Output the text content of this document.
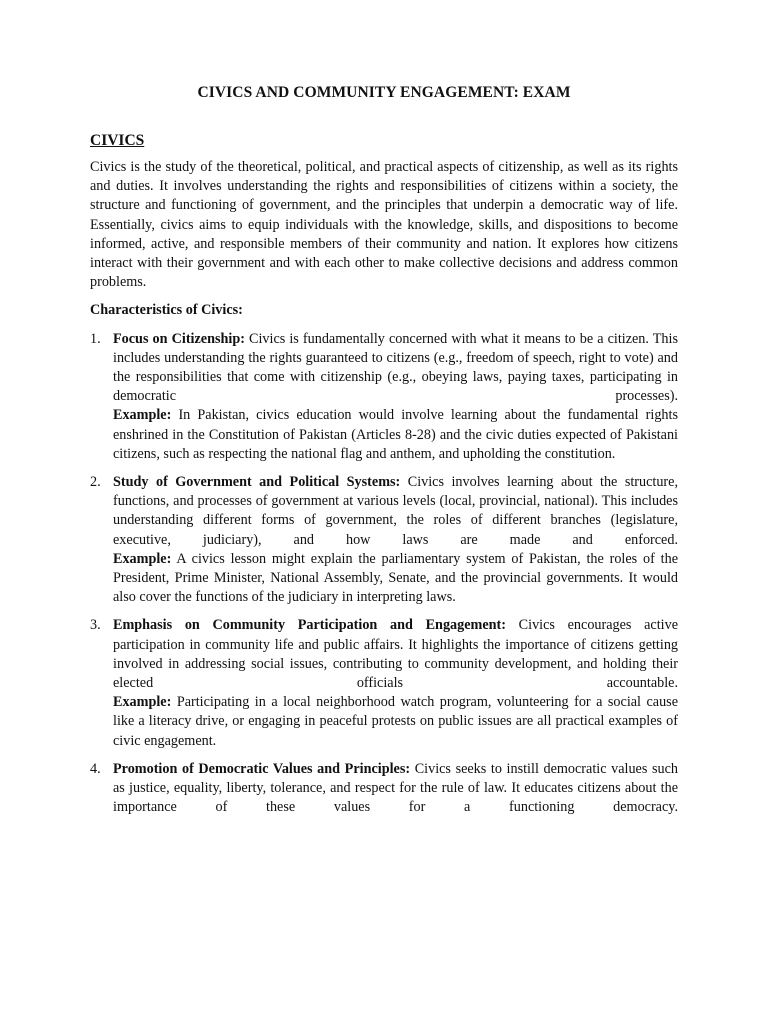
CIVICS AND COMMUNITY ENGAGEMENT: EXAM
CIVICS

Civics is the study of the theoretical, political, and practical aspects of citizenship, as well as its rights and duties. It involves understanding the rights and responsibilities of citizens within a society, the structure and functioning of government, and the principles that underpin a democratic way of life. Essentially, civics aims to equip individuals with the knowledge, skills, and dispositions to become informed, active, and responsible members of their community and nation. It explores how citizens interact with their government and with each other to make collective decisions and address common problems.

Characteristics of Civics:
1. Focus on Citizenship: Civics is fundamentally concerned with what it means to be a citizen. This includes understanding the rights guaranteed to citizens (e.g., freedom of speech, right to vote) and the responsibilities that come with citizenship (e.g., obeying laws, paying taxes, participating in democratic processes).
Example: In Pakistan, civics education would involve learning about the fundamental rights enshrined in the Constitution of Pakistan (Articles 8-28) and the civic duties expected of Pakistani citizens, such as respecting the national flag and anthem, and upholding the constitution.
2. Study of Government and Political Systems: Civics involves learning about the structure, functions, and processes of government at various levels (local, provincial, national). This includes understanding different forms of government, the roles of different branches (legislature, executive, judiciary), and how laws are made and enforced.
Example: A civics lesson might explain the parliamentary system of Pakistan, the roles of the President, Prime Minister, National Assembly, Senate, and the provincial governments. It would also cover the functions of the judiciary in interpreting laws.
3. Emphasis on Community Participation and Engagement: Civics encourages active participation in community life and public affairs. It highlights the importance of citizens getting involved in addressing social issues, contributing to community development, and holding their elected officials accountable.
Example: Participating in a local neighborhood watch program, volunteering for a social cause like a literacy drive, or engaging in peaceful protests on public issues are all practical examples of civic engagement.
4. Promotion of Democratic Values and Principles: Civics seeks to instill democratic values such as justice, equality, liberty, tolerance, and respect for the rule of law. It educates citizens about the importance of these values for a functioning democracy.
